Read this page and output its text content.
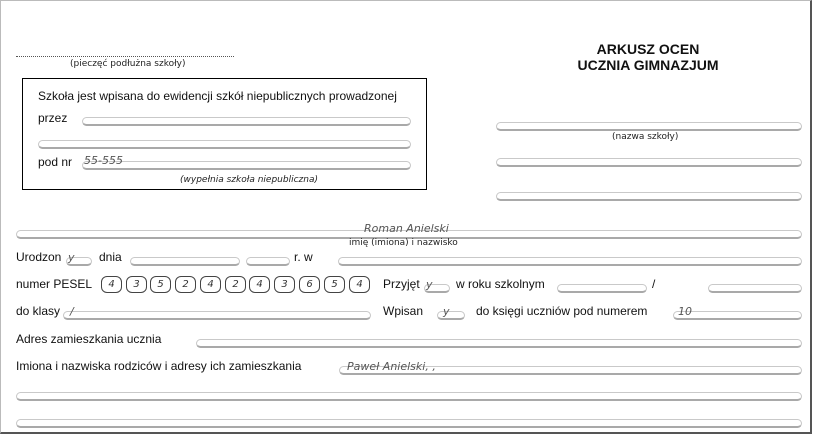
(pieczęć podłużna szkoły)
ARKUSZ OCEN
UCZNIA GIMNAZJUM
Szkoła jest wpisana do ewidencji szkół niepublicznych prowadzonej
przez
pod nr 55-555
(wypełnia szkoła niepubliczna)
(nazwa szkoły)
Roman Anielski
imię (imiona) i nazwisko
Urodzon y dnia	r. w
numer PESEL	4	3	5	2	4	2	4	3	6	5	4	Przyjęt y w roku szkolnym	/
do klasy /	Wpisan y do księgi uczniów pod numerem	10
Adres zamieszkania ucznia
Imiona i nazwiska rodziców i adresy ich zamieszkania	Paweł Anielski, ,
